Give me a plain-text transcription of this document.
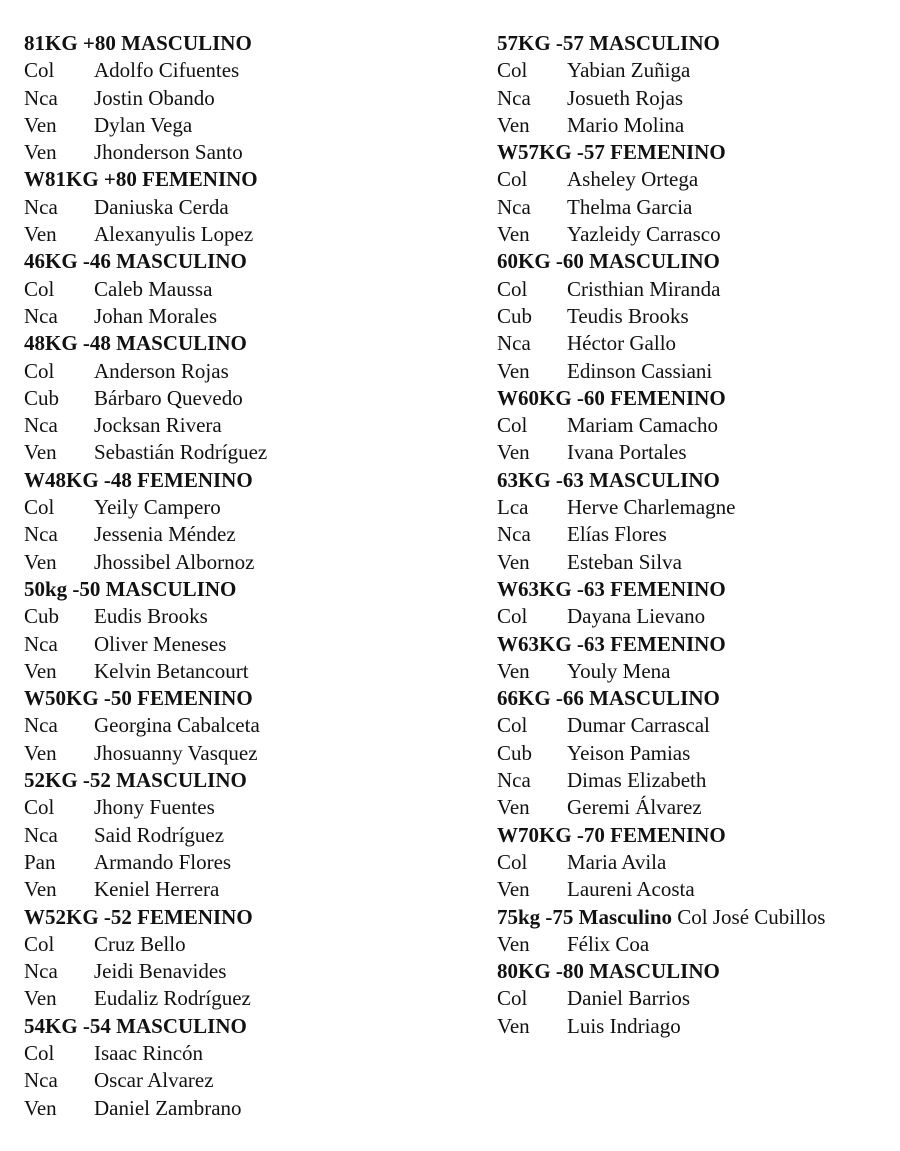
81KG +80 MASCULINO
Col Adolfo Cifuentes
Nca Jostin Obando
Ven Dylan Vega
Ven Jhonderson Santo
W81KG +80 FEMENINO
Nca Daniuska Cerda
Ven Alexanyulis Lopez
46KG -46 MASCULINO
Col Caleb Maussa
Nca Johan Morales
48KG -48 MASCULINO
Col Anderson Rojas
Cub Bárbaro Quevedo
Nca Jocksan Rivera
Ven Sebastián Rodríguez
W48KG -48 FEMENINO
Col Yeily Campero
Nca Jessenia Méndez
Ven Jhossibel Albornoz
50kg -50 MASCULINO
Cub Eudis Brooks
Nca Oliver Meneses
Ven Kelvin Betancourt
W50KG -50 FEMENINO
Nca Georgina Cabalceta
Ven Jhosuanny Vasquez
52KG -52 MASCULINO
Col Jhony Fuentes
Nca Said Rodríguez
Pan Armando Flores
Ven Keniel Herrera
W52KG -52 FEMENINO
Col Cruz Bello
Nca Jeidi Benavides
Ven Eudaliz Rodríguez
54KG -54 MASCULINO
Col Isaac Rincón
Nca Oscar Alvarez
Ven Daniel Zambrano
57KG -57 MASCULINO
Col Yabian Zuñiga
Nca Josueth Rojas
Ven Mario Molina
W57KG -57 FEMENINO
Col Asheley Ortega
Nca Thelma Garcia
Ven Yazleidy Carrasco
60KG -60 MASCULINO
Col Cristhian Miranda
Cub Teudis Brooks
Nca Héctor Gallo
Ven Edinson Cassiani
W60KG -60 FEMENINO
Col Mariam Camacho
Ven Ivana Portales
63KG -63 MASCULINO
Lca Herve Charlemagne
Nca Elías Flores
Ven Esteban Silva
W63KG -63 FEMENINO
Col Dayana Lievano
W63KG -63 FEMENINO
Ven Youly Mena
66KG -66 MASCULINO
Col Dumar Carrascal
Cub Yeison Pamias
Nca Dimas Elizabeth
Ven Geremi Álvarez
W70KG -70 FEMENINO
Col Maria Avila
Ven Laureni Acosta
75kg -75 Masculino Col José Cubillos
Ven Félix Coa
80KG -80 MASCULINO
Col Daniel Barrios
Ven Luis Indriago
